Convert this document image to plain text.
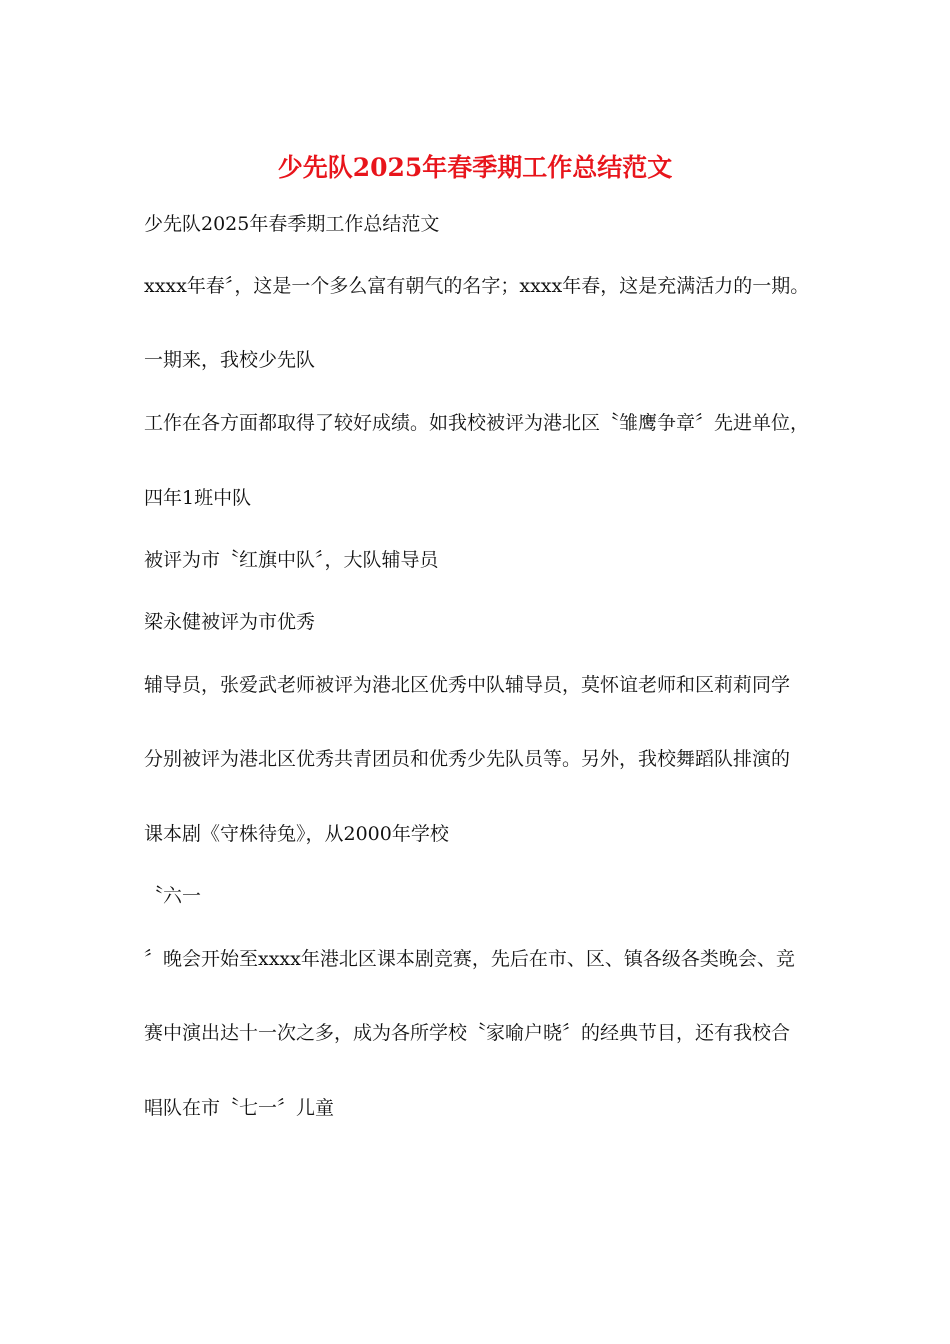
少先队2025年春季期工作总结范文
少先队2025年春季期工作总结范文
xxxx年春〞，这是一个多么富有朝气的名字；xxxx年春，这是充满活力的一期。
一期来，我校少先队
工作在各方面都取得了较好成绩。如我校被评为港北区〝雏鹰争章〞先进单位，
四年1班中队
被评为市〝红旗中队〞，大队辅导员
梁永健被评为市优秀
辅导员，张爱武老师被评为港北区优秀中队辅导员，莫怀谊老师和区莉莉同学
分别被评为港北区优秀共青团员和优秀少先队员等。另外，我校舞蹈队排演的
课本剧《守株待兔》，从2000年学校
〝六一
〞晚会开始至xxxx年港北区课本剧竞赛，先后在市、区、镇各级各类晚会、竞
赛中演出达十一次之多，成为各所学校〝家喻户晓〞的经典节目，还有我校合
唱队在市〝七一〞儿童
